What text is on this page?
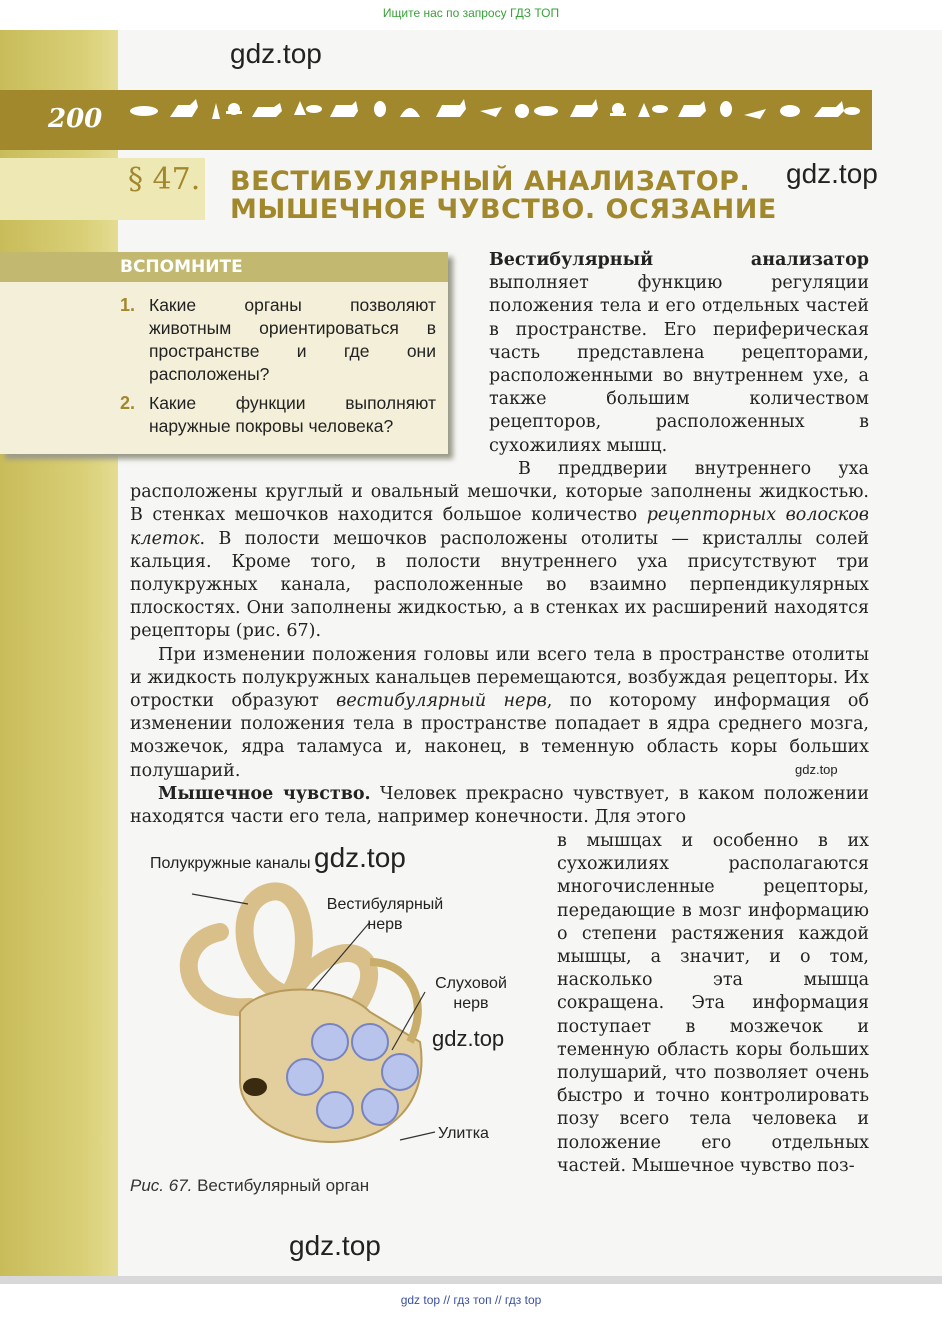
Ищите нас по запросу ГДЗ ТОП
200
gdz.top
gdz.top
gdz.top
gdz.top
gdz.top
gdz.top
§ 47. ВЕСТИБУЛЯРНЫЙ АНАЛИЗАТОР.
МЫШЕЧНОЕ ЧУВСТВО. ОСЯЗАНИЕ
ВСПОМНИТЕ
1. Какие органы позволяют животным ориентироваться в пространстве и где они расположены?
2. Какие функции выполняют наружные покровы человека?

Вестибулярный анализатор выполняет функцию регуляции положения тела и его отдельных частей в пространстве. Его периферическая часть представлена рецепторами, расположенными во внутреннем ухе, а также большим количеством рецепторов, расположенных в сухожилиях мышц.

В преддверии внутреннего уха расположены круглый и овальный мешочки, которые заполнены жидкостью. В стенках мешочков находится большое количество рецепторных волосков клеток. В полости мешочков расположены отолиты — кристаллы солей кальция. Кроме того, в полости внутреннего уха присутствуют три полукружных канала, расположенные во взаимно перпендикулярных плоскостях. Они заполнены жидкостью, а в стенках их расширений находятся рецепторы (рис. 67).

При изменении положения головы или всего тела в пространстве отолиты и жидкость полукружных канальцев перемещаются, возбуждая рецепторы. Их отростки образуют вестибулярный нерв, по которому информация об изменении положения тела в пространстве попадает в ядра среднего мозга, мозжечок, ядра таламуса и, наконец, в теменную область коры больших полушарий.

Мышечное чувство. Человек прекрасно чувствует, в каком положении находятся части его тела, например конечности. Для этого

в мышцах и особенно в их сухожилиях располагаются многочисленные рецепторы, передающие в мозг информацию о степени растяжения каждой мышцы, а значит, и о том, насколько эта мышца сокращена. Эта информация поступает в мозжечок и теменную область коры больших полушарий, что позволяет очень быстро и точно контролировать позу всего тела человека и положение его отдельных частей. Мышечное чувство поз-

Полукружные каналы
Вестибулярный нерв
Слуховой нерв
Улитка
Рис. 67. Вестибулярный орган
gdz top // гдз топ // гдз top
